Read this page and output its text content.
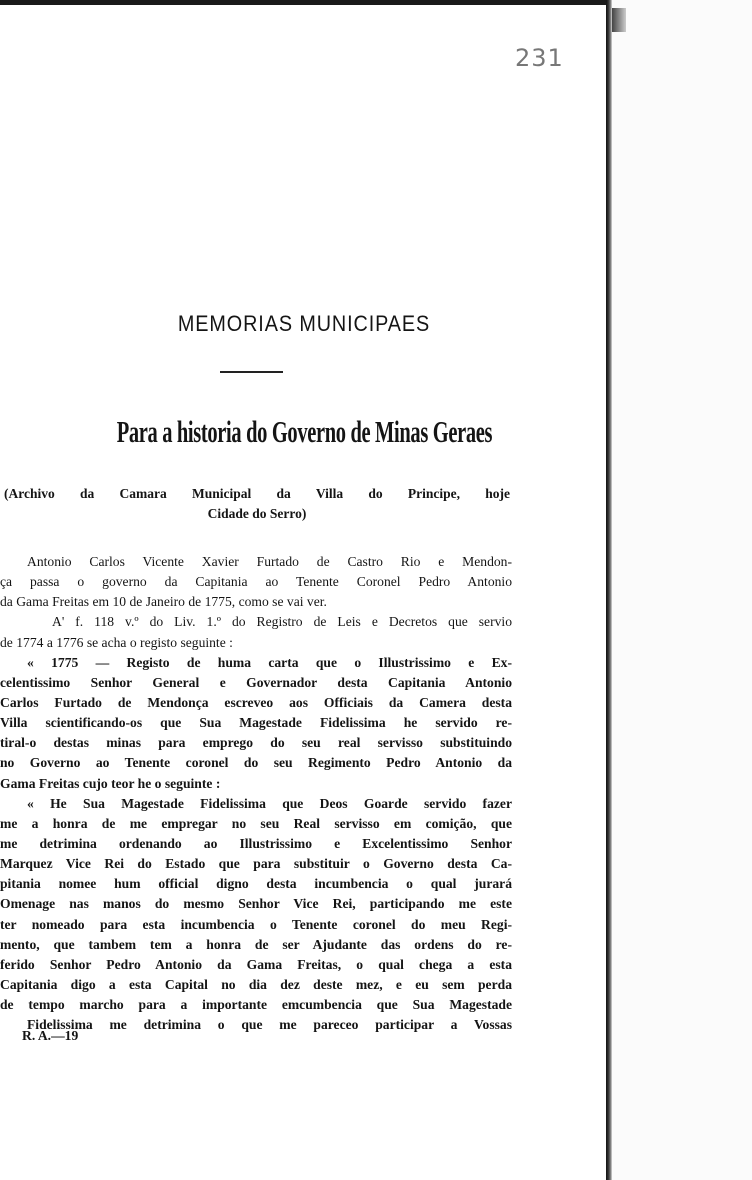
231
MEMORIAS MUNICIPAES
Para a historia do Governo de Minas Geraes
(Archivo da Camara Municipal da Villa do Principe, hoje
Cidade do Serro)
Antonio Carlos Vicente Xavier Furtado de Castro Rio e Mendon-
ça passa o governo da Capitania ao Tenente Coronel Pedro Antonio
da Gama Freitas em 10 de Janeiro de 1775, como se vai ver.
A' f. 118 v.º do Liv. 1.º do Registro de Leis e Decretos que servio
de 1774 a 1776 se acha o registo seguinte :
« 1775 — Registo de huma carta que o Illustrissimo e Ex-
celentissimo Senhor General e Governador desta Capitania Antonio
Carlos Furtado de Mendonça escreveo aos Officiais da Camera desta
Villa scientificando-os que Sua Magestade Fidelissima he servido re-
tiral-o destas minas para emprego do seu real servisso substituindo
no Governo ao Tenente coronel do seu Regimento Pedro Antonio da
Gama Freitas cujo teor he o seguinte :
« He Sua Magestade Fidelissima que Deos Goarde servido fazer
me a honra de me empregar no seu Real servisso em comição, que
me detrimina ordenando ao Illustrissimo e Excelentissimo Senhor
Marquez Vice Rei do Estado que para substituir o Governo desta Ca-
pitania nomee hum official digno desta incumbencia o qual jurará
Omenage nas manos do mesmo Senhor Vice Rei, participando me este
ter nomeado para esta incumbencia o Tenente coronel do meu Regi-
mento, que tambem tem a honra de ser Ajudante das ordens do re-
ferido Senhor Pedro Antonio da Gama Freitas, o qual chega a esta
Capitania digo a esta Capital no dia dez deste mez, e eu sem perda
de tempo marcho para a importante emcumbencia que Sua Magestade
Fidelissima me detrimina o que me pareceo participar a Vossas
R. A.—19
